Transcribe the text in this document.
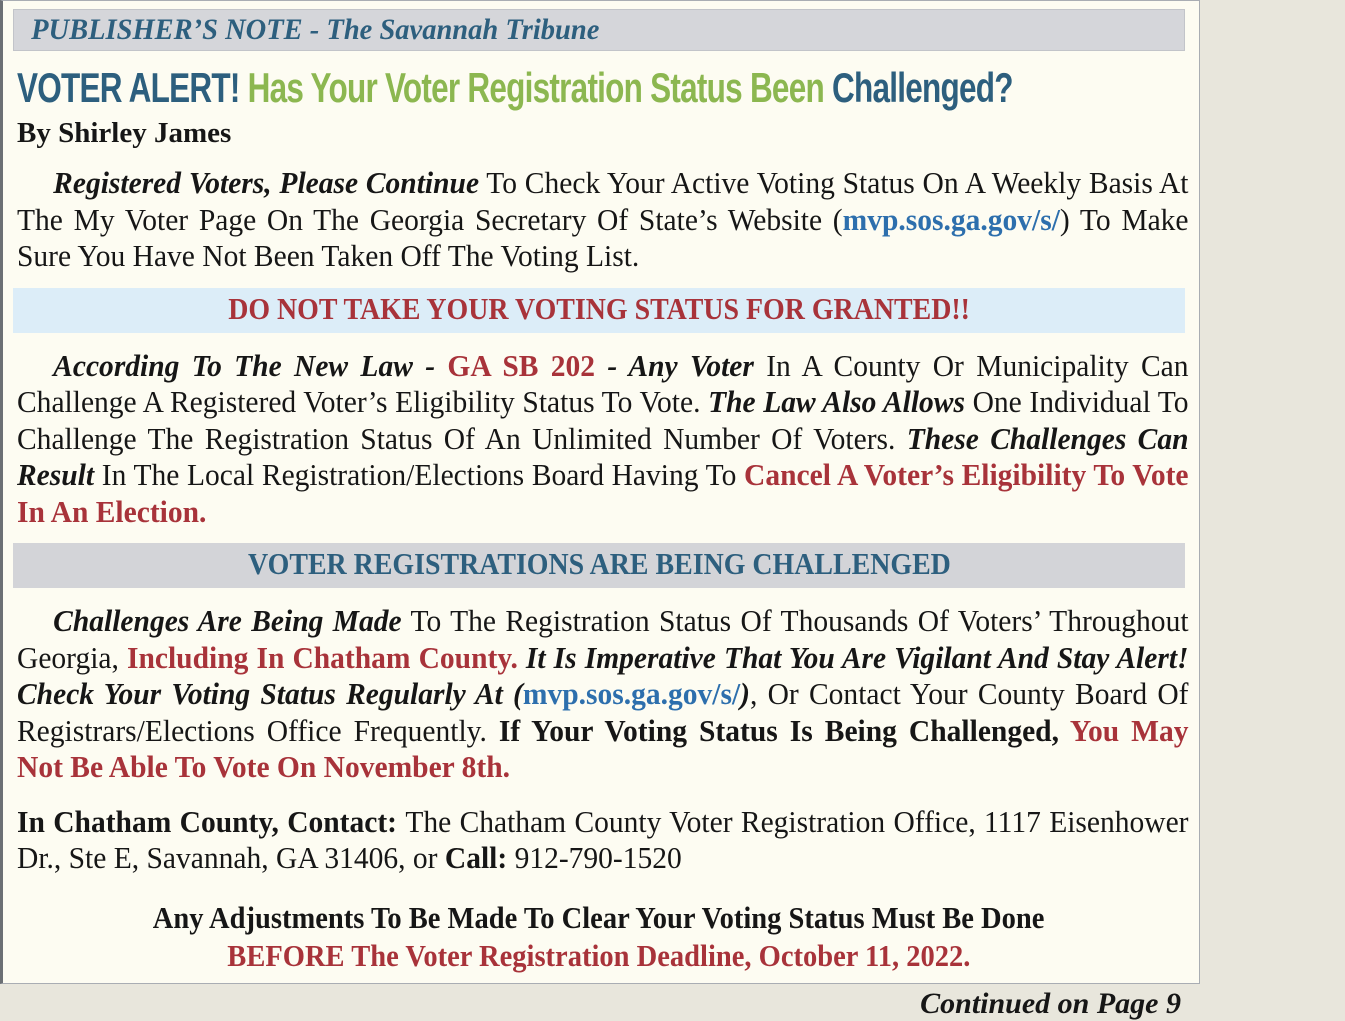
PUBLISHER’S NOTE - The Savannah Tribune
VOTER ALERT! Has Your Voter Registration Status Been Challenged?
By Shirley James

Registered Voters, Please Continue To Check Your Active Voting Status On A Weekly Basis At The My Voter Page On The Georgia Secretary Of State’s Website (mvp.sos.ga.gov/s/) To Make Sure You Have Not Been Taken Off The Voting List.

DO NOT TAKE YOUR VOTING STATUS FOR GRANTED!!

According To The New Law - GA SB 202 - Any Voter In A County Or Municipality Can Challenge A Registered Voter’s Eligibility Status To Vote. The Law Also Allows One Individual To Challenge The Registration Status Of An Unlimited Number Of Voters. These Challenges Can Result In The Local Registration/Elections Board Having To Cancel A Voter’s Eligibility To Vote In An Election.

VOTER REGISTRATIONS ARE BEING CHALLENGED

Challenges Are Being Made To The Registration Status Of Thousands Of Voters’ Throughout Georgia, Including In Chatham County. It Is Imperative That You Are Vigilant And Stay Alert! Check Your Voting Status Regularly At (mvp.sos.ga.gov/s/), Or Contact Your County Board Of Registrars/Elections Office Frequently. If Your Voting Status Is Being Challenged, You May Not Be Able To Vote On November 8th.

In Chatham County, Contact: The Chatham County Voter Registration Office, 1117 Eisenhower Dr., Ste E, Savannah, GA 31406, or Call: 912-790-1520

Any Adjustments To Be Made To Clear Your Voting Status Must Be Done
BEFORE The Voter Registration Deadline, October 11, 2022.
Continued on Page 9
